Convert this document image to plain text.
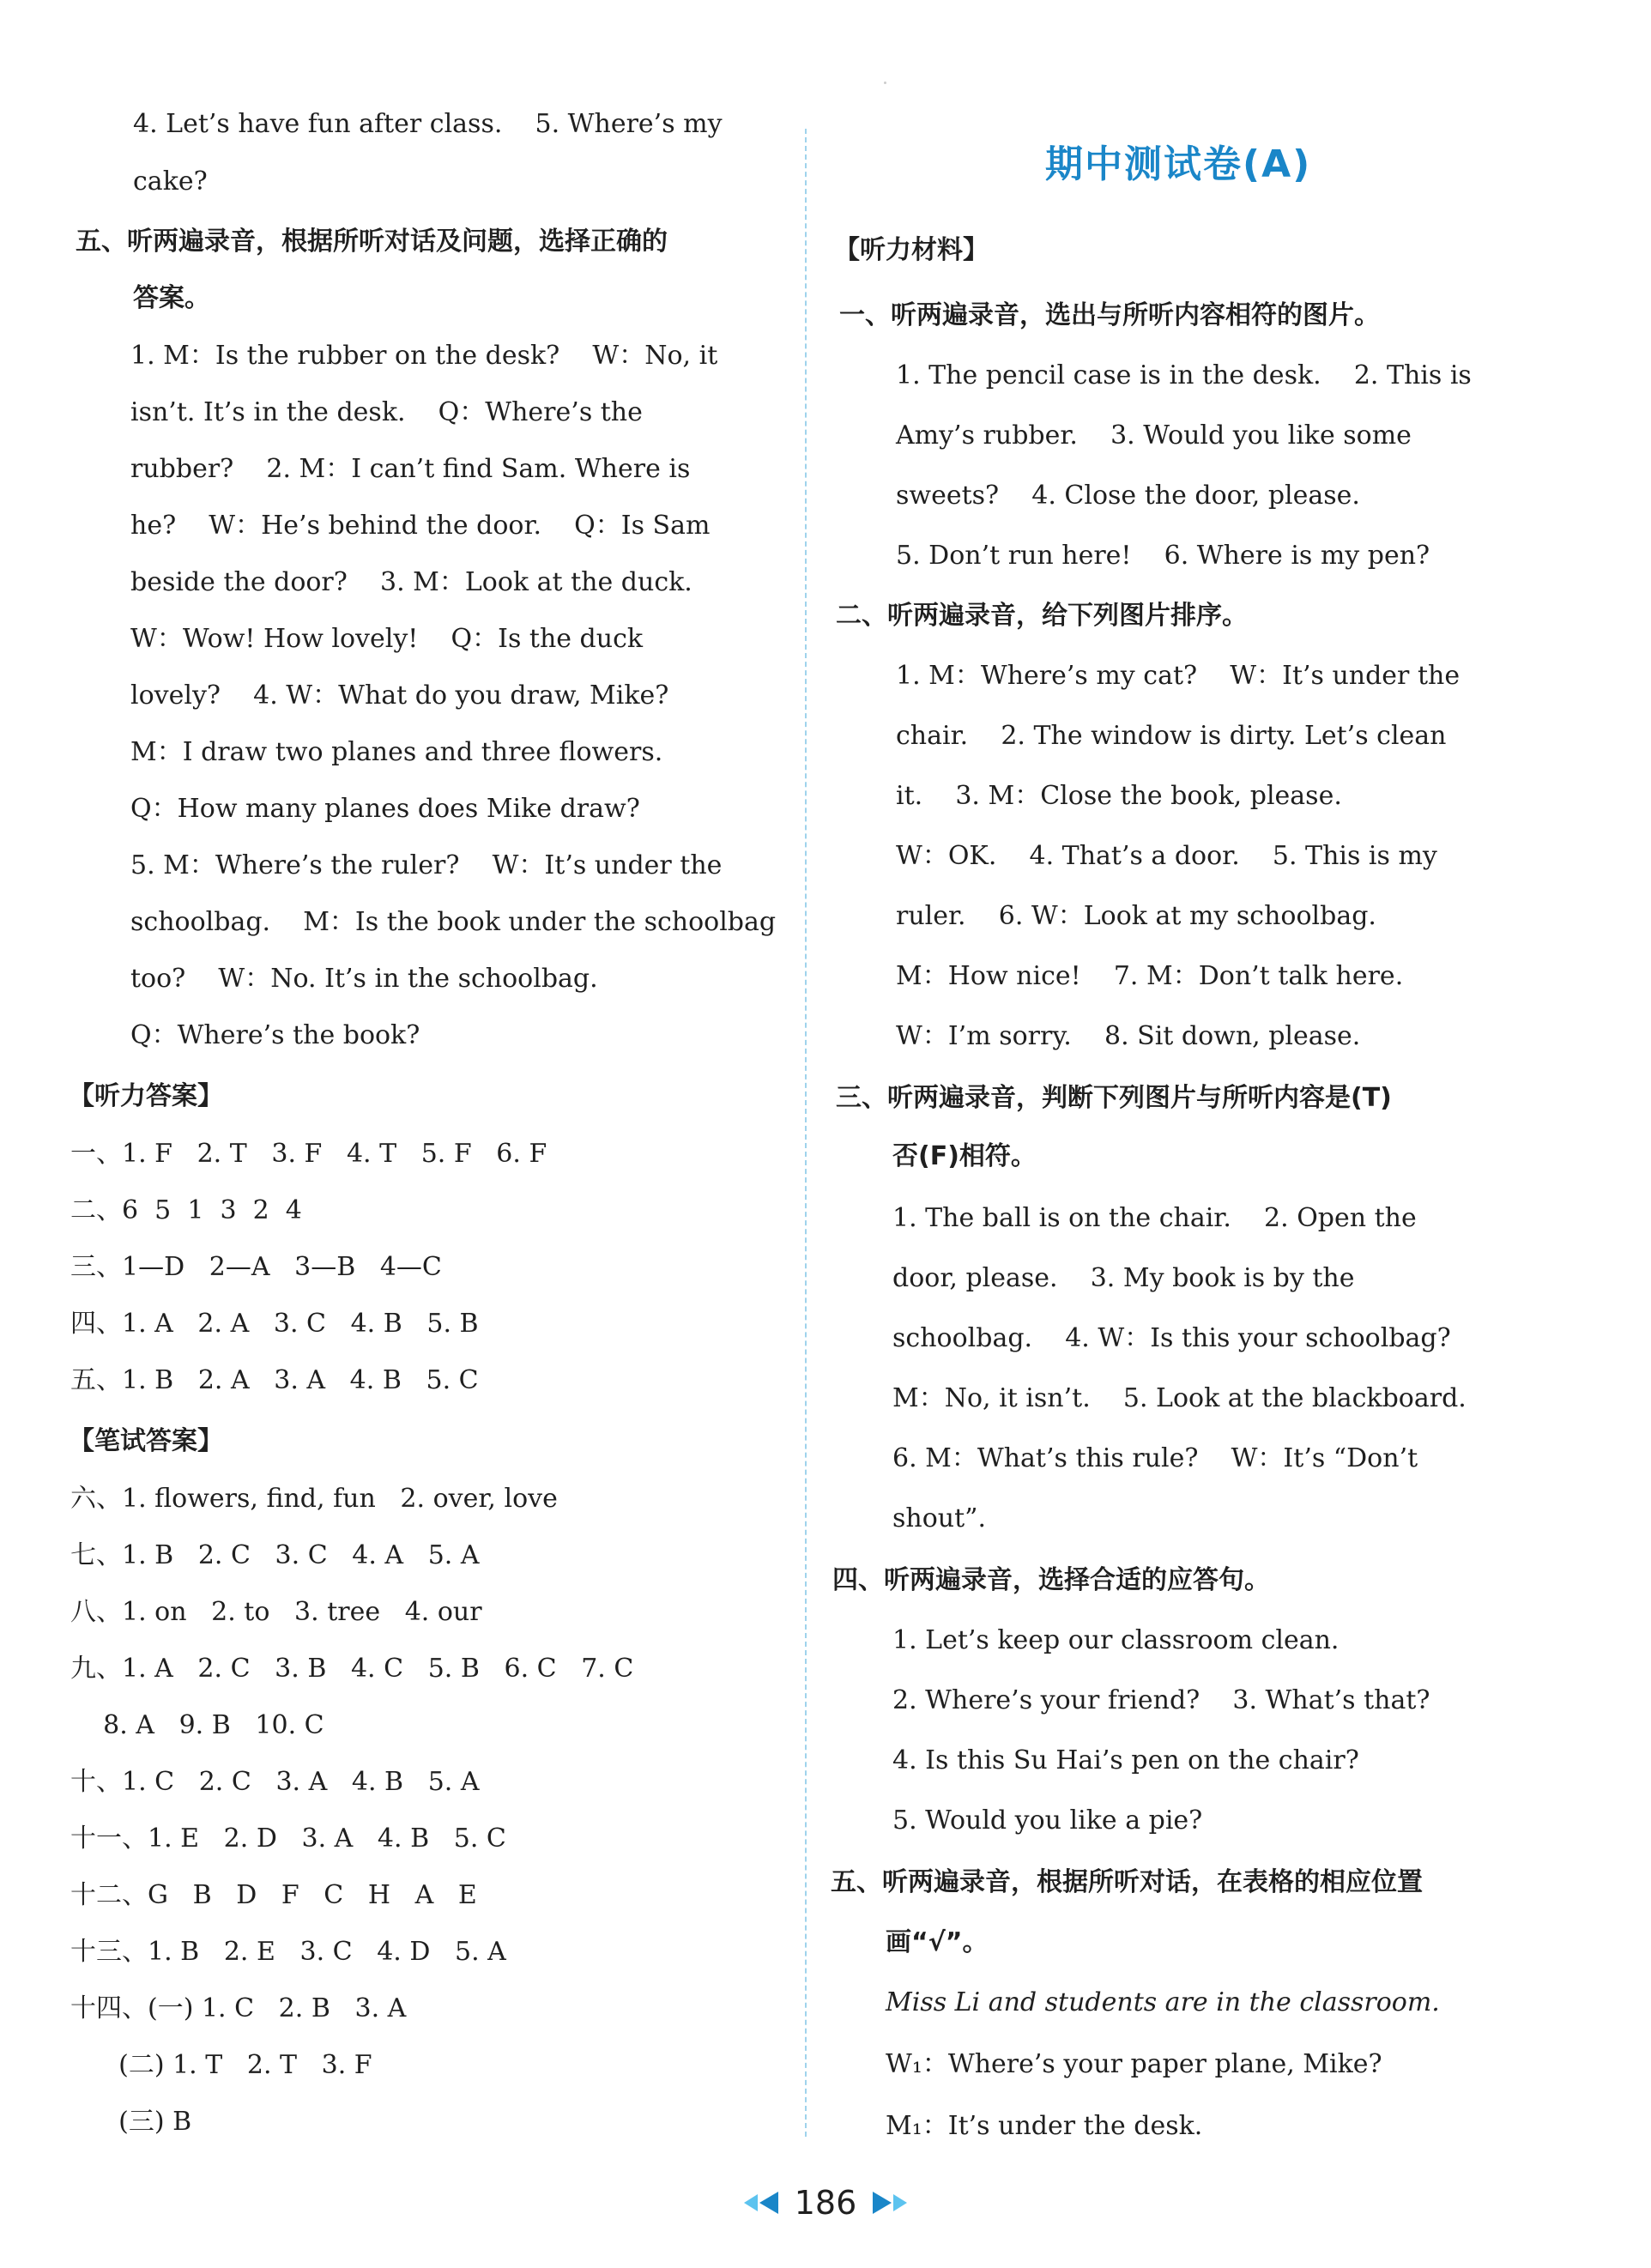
4. Let’s have fun after class.    5. Where’s my
cake?
五、听两遍录音，根据所听对话及问题，选择正确的
答案。
1. M：Is the rubber on the desk?    W：No, it
isn’t. It’s in the desk.    Q：Where’s the
rubber?    2. M：I can’t find Sam. Where is
he?    W：He’s behind the door.    Q：Is Sam
beside the door?    3. M：Look at the duck.
W：Wow! How lovely!    Q：Is the duck
lovely?    4. W：What do you draw, Mike?
M：I draw two planes and three flowers.
Q：How many planes does Mike draw?
5. M：Where’s the ruler?    W：It’s under the
schoolbag.    M：Is the book under the schoolbag
too?    W：No. It’s in the schoolbag.
Q：Where’s the book?
【听力答案】
一、1. F   2. T   3. F   4. T   5. F   6. F
二、6  5  1  3  2  4
三、1—D   2—A   3—B   4—C
四、1. A   2. A   3. C   4. B   5. B
五、1. B   2. A   3. A   4. B   5. C
【笔试答案】
六、1. flowers, find, fun   2. over, love
七、1. B   2. C   3. C   4. A   5. A
八、1. on   2. to   3. tree   4. our
九、1. A   2. C   3. B   4. C   5. B   6. C   7. C
8. A   9. B   10. C
十、1. C   2. C   3. A   4. B   5. A
十一、1. E   2. D   3. A   4. B   5. C
十二、G   B   D   F   C   H   A   E
十三、1. B   2. E   3. C   4. D   5. A
十四、(一) 1. C   2. B   3. A
(二) 1. T   2. T   3. F
(三) B
期中测试卷(A)
【听力材料】
一、听两遍录音，选出与所听内容相符的图片。
1. The pencil case is in the desk.    2. This is
Amy’s rubber.    3. Would you like some
sweets?    4. Close the door, please.
5. Don’t run here!    6. Where is my pen?
二、听两遍录音，给下列图片排序。
1. M：Where’s my cat?    W：It’s under the
chair.    2. The window is dirty. Let’s clean
it.    3. M：Close the book, please.
W：OK.    4. That’s a door.    5. This is my
ruler.    6. W：Look at my schoolbag.
M：How nice!    7. M：Don’t talk here.
W：I’m sorry.    8. Sit down, please.
三、听两遍录音，判断下列图片与所听内容是(T)
否(F)相符。
1. The ball is on the chair.    2. Open the
door, please.    3. My book is by the
schoolbag.    4. W：Is this your schoolbag?
M：No, it isn’t.    5. Look at the blackboard.
6. M：What’s this rule?    W：It’s “Don’t
shout”.
四、听两遍录音，选择合适的应答句。
1. Let’s keep our classroom clean.
2. Where’s your friend?    3. What’s that?
4. Is this Su Hai’s pen on the chair?
5. Would you like a pie?
五、听两遍录音，根据所听对话，在表格的相应位置
画“√”。
Miss Li and students are in the classroom.
W₁：Where’s your paper plane, Mike?
M₁：It’s under the desk.
186
